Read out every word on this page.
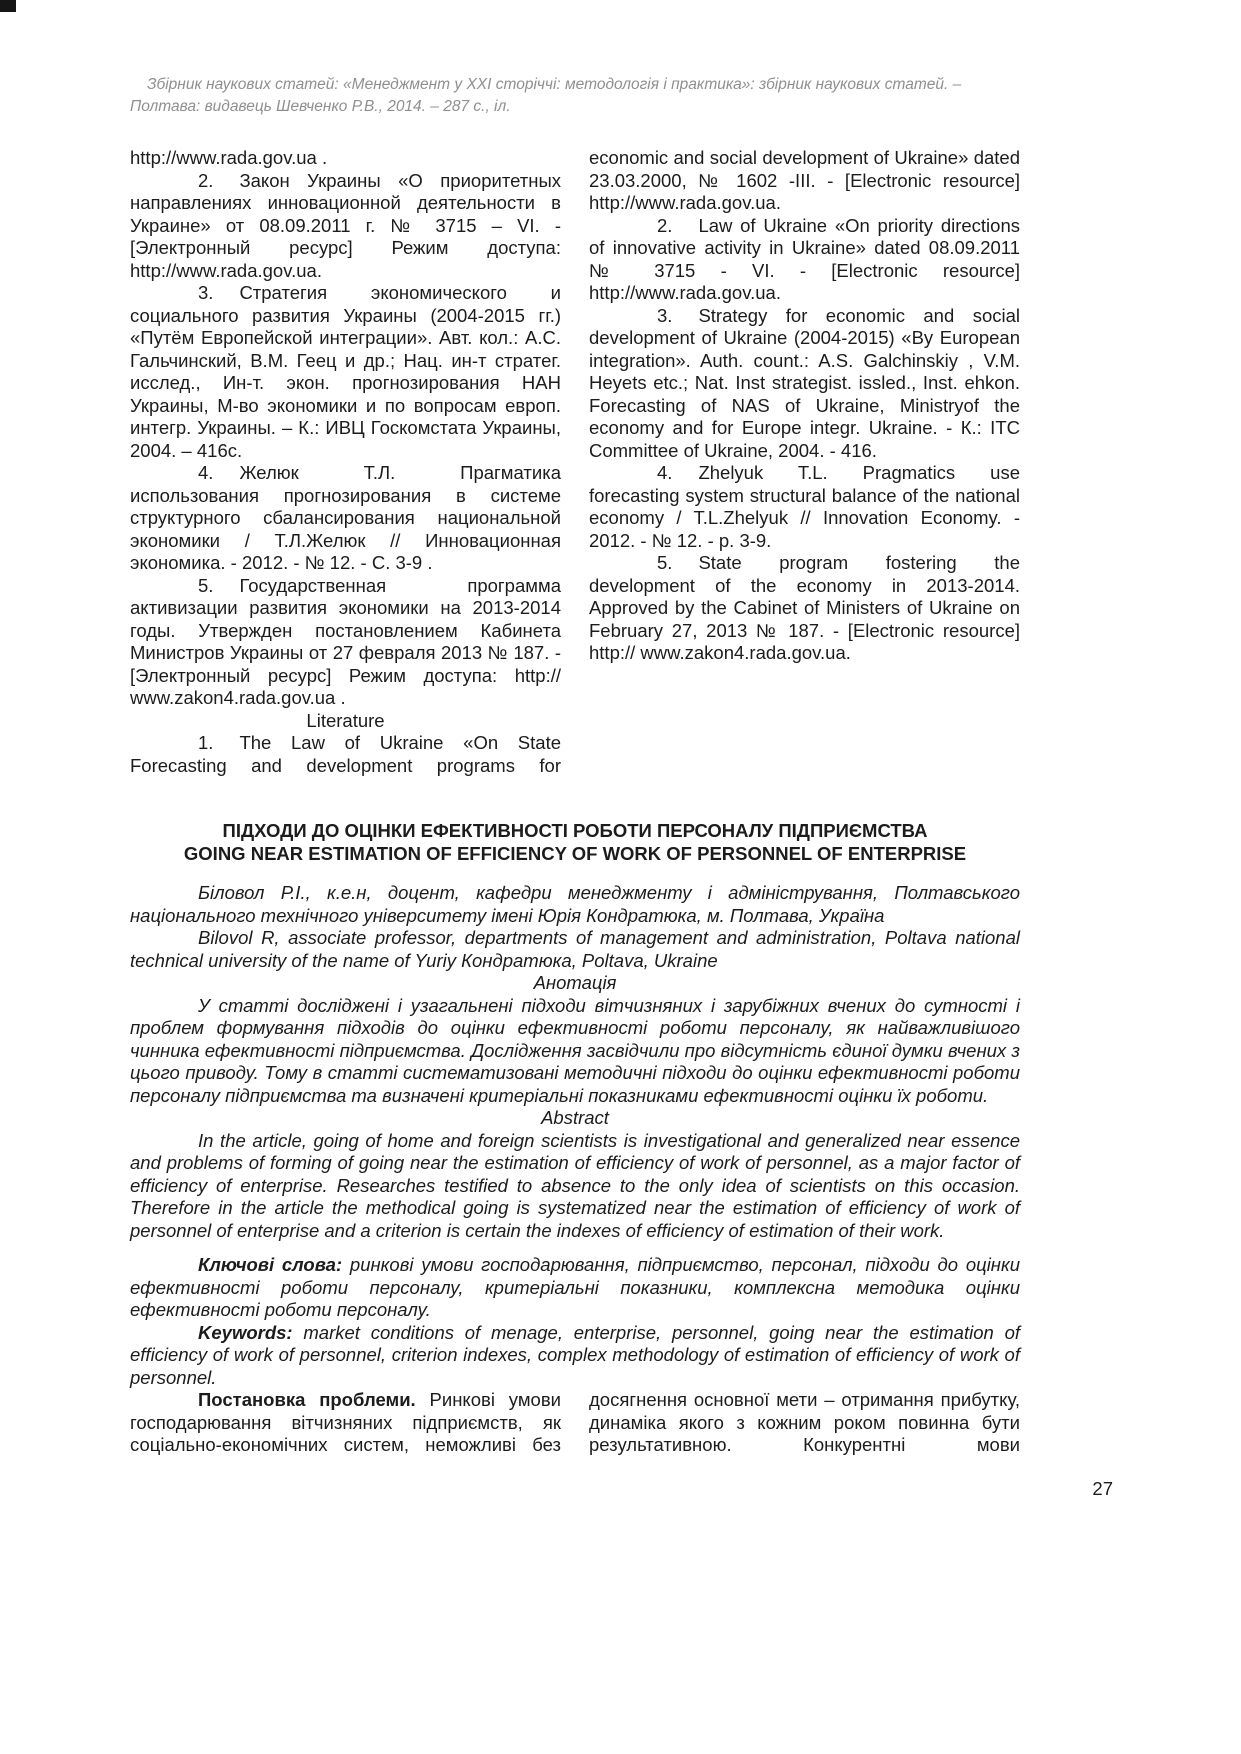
Збірник наукових статей: «Менеджмент у XXI сторіччі: методологія і практика»: збірник наукових статей. –
Полтава: видавець Шевченко Р.В., 2014. – 287 с., іл.

http://www.rada.gov.ua .

2. Закон Украины «О приоритетных направлениях инновационной деятельности в Украине» от 08.09.2011 г. № 3715 – VI. - [Электронный ресурс] Режим доступа: http://www.rada.gov.ua.

3. Стратегия экономического и социального развития Украины (2004-2015 гг.) «Путём Европейской интеграции». Авт. кол.: А.С. Гальчинский, В.М. Геец и др.; Нац. ин-т стратег. исслед., Ин-т. экон. прогнозирования НАН Украины, М-во экономики и по вопросам европ. интегр. Украины. – К.: ИВЦ Госкомстата Украины, 2004. – 416с.

4. Желюк Т.Л. Прагматика использования прогнозирования в системе структурного сбалансирования национальной экономики / Т.Л.Желюк // Инновационная экономика. - 2012. - № 12. - С. 3-9 .

5. Государственная программа активизации развития экономики на 2013-2014 годы. Утвержден постановлением Кабинета Министров Украины от 27 февраля 2013 № 187. - [Электронный ресурс] Режим доступа: http:// www.zakon4.rada.gov.ua .

Literature

1. The Law of Ukraine «On State Forecasting and development programs for

economic and social development of Ukraine» dated 23.03.2000, № 1602 -III. - [Electronic resource] http://www.rada.gov.ua.

2. Law of Ukraine «On priority directions of innovative activity in Ukraine» dated 08.09.2011 № 3715 - VI. - [Electronic resource] http://www.rada.gov.ua.

3. Strategy for economic and social development of Ukraine (2004-2015) «By European integration». Auth. count.: A.S. Galchinskiy , V.M. Heyets etc.; Nat. Inst strategist. issled., Inst. ehkon. Forecasting of NAS of Ukraine, Ministryof the economy and for Europe integr. Ukraine. - К.: ITC Committee of Ukraine, 2004. - 416.

4. Zhelyuk T.L. Pragmatics use forecasting system structural balance of the national economy / T.L.Zhelyuk // Innovation Economy. - 2012. - № 12. - p. 3-9.

5. State program fostering the development of the economy in 2013-2014. Approved by the Cabinet of Ministers of Ukraine on February 27, 2013 № 187. - [Electronic resource] http:// www.zakon4.rada.gov.ua.

ПІДХОДИ ДО ОЦІНКИ ЕФЕКТИВНОСТІ РОБОТИ ПЕРСОНАЛУ ПІДПРИЄМСТВА
GOING NEAR ESTIMATION OF EFFICIENCY OF WORK OF PERSONNEL OF ENTERPRISE

Біловол Р.І., к.е.н, доцент, кафедри менеджменту і адміністрування, Полтавського національного технічного університету імені Юрія Кондратюка, м. Полтава, Україна

Bilovol R, associate professor, departments of management and administration, Poltava national technical university of the name of Yuriy Кондратюка, Poltava, Ukraine

Анотація

У статті досліджені і узагальнені підходи вітчизняних і зарубіжних вчених до сутності і проблем формування підходів до оцінки ефективності роботи персоналу, як найважливішого чинника ефективності підприємства. Дослідження засвідчили про відсутність єдиної думки вчених з цього приводу. Тому в статті систематизовані методичні підходи до оцінки ефективності роботи персоналу підприємства та визначені критеріальні показниками ефективності оцінки їх роботи.

Abstract

In the article, going of home and foreign scientists is investigational and generalized near essence and problems of forming of going near the estimation of efficiency of work of personnel, as a major factor of efficiency of enterprise. Researches testified to absence to the only idea of scientists on this occasion. Therefore in the article the methodical going is systematized near the estimation of efficiency of work of personnel of enterprise and a criterion is certain the indexes of efficiency of estimation of their work.

Ключові слова: ринкові умови господарювання, підприємство, персонал, підходи до оцінки ефективності роботи персоналу, критеріальні показники, комплексна методика оцінки ефективності роботи персоналу.

Keywords: market conditions of menage, enterprise, personnel, going near the estimation of efficiency of work of personnel, criterion indexes, complex methodology of estimation of efficiency of work of personnel.

Постановка проблеми. Ринкові умови господарювання вітчизняних підприємств, як соціально-економічних систем, неможливі без

досягнення основної мети – отримання прибутку, динаміка якого з кожним роком повинна бути результативною. Конкурентні мови

27
